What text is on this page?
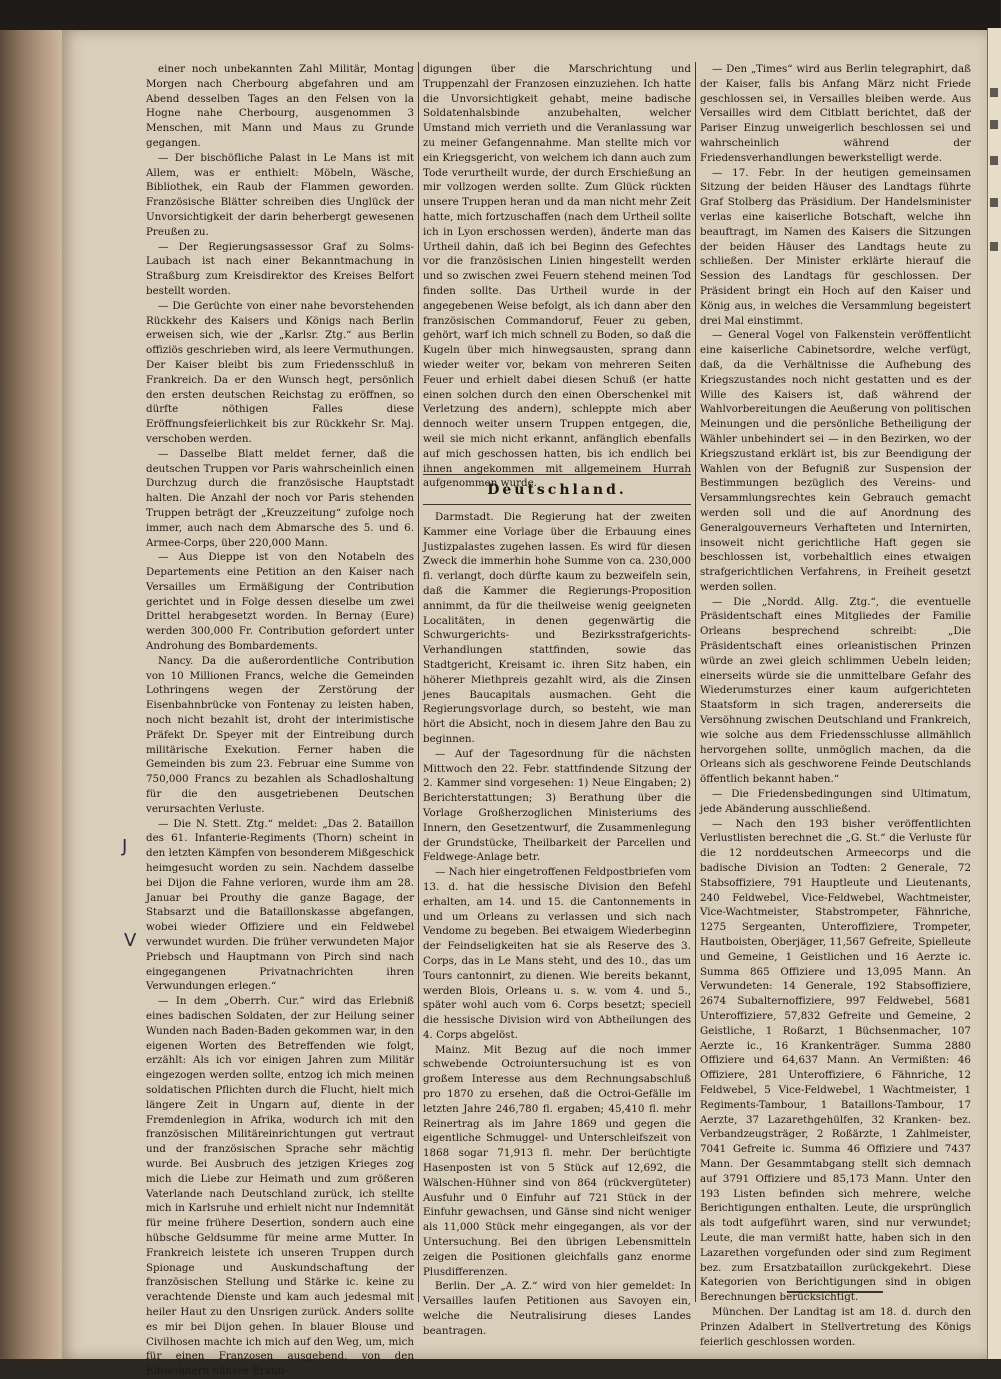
J
V

einer noch unbekannten Zahl Militär, Montag Morgen nach Cherbourg abgefahren und am Abend desselben Tages an den Felsen von la Hogne nahe Cherbourg, ausgenommen 3 Menschen, mit Mann und Maus zu Grunde gegangen.

— Der bischöfliche Palast in Le Mans ist mit Allem, was er enthielt: Möbeln, Wäsche, Bibliothek, ein Raub der Flammen geworden. Französische Blätter schreiben dies Unglück der Unvorsichtigkeit der darin beherbergt gewesenen Preußen zu.

— Der Regierungsassessor Graf zu Solms-Laubach ist nach einer Bekanntmachung in Straßburg zum Kreisdirektor des Kreises Belfort bestellt worden.

— Die Gerüchte von einer nahe bevorstehenden Rückkehr des Kaisers und Königs nach Berlin erweisen sich, wie der „Karlsr. Ztg.“ aus Berlin offiziös geschrieben wird, als leere Vermuthungen. Der Kaiser bleibt bis zum Friedensschluß in Frankreich. Da er den Wunsch hegt, persönlich den ersten deutschen Reichstag zu eröffnen, so dürfte nöthigen Falles diese Eröffnungsfeierlichkeit bis zur Rückkehr Sr. Maj. verschoben werden.

— Dasselbe Blatt meldet ferner, daß die deutschen Truppen vor Paris wahrscheinlich einen Durchzug durch die französische Hauptstadt halten. Die Anzahl der noch vor Paris stehenden Truppen beträgt der „Kreuzzeitung“ zufolge noch immer, auch nach dem Abmarsche des 5. und 6. Armee-Corps, über 220,000 Mann.

— Aus Dieppe ist von den Notabeln des Departements eine Petition an den Kaiser nach Versailles um Ermäßigung der Contribution gerichtet und in Folge dessen dieselbe um zwei Drittel herabgesetzt worden. In Bernay (Eure) werden 300,000 Fr. Contribution gefordert unter Androhung des Bombardements.

Nancy. Da die außerordentliche Contribution von 10 Millionen Francs, welche die Gemeinden Lothringens wegen der Zerstörung der Eisenbahnbrücke von Fontenay zu leisten haben, noch nicht bezahlt ist, droht der interimistische Präfekt Dr. Speyer mit der Eintreibung durch militärische Exekution. Ferner haben die Gemeinden bis zum 23. Februar eine Summe von 750,000 Francs zu bezahlen als Schadloshaltung für die den ausgetriebenen Deutschen verursachten Verluste.

— Die N. Stett. Ztg.“ meldet: „Das 2. Bataillon des 61. Infanterie-Regiments (Thorn) scheint in den letzten Kämpfen von besonderem Mißgeschick heimgesucht worden zu sein. Nachdem dasselbe bei Dijon die Fahne verloren, wurde ihm am 28. Januar bei Prouthy die ganze Bagage, der Stabsarzt und die Bataillonskasse abgefangen, wobei wieder Offiziere und ein Feldwebel verwundet wurden. Die früher verwundeten Major Priebsch und Hauptmann von Pirch sind nach eingegangenen Privatnachrichten ihren Verwundungen erlegen.“

— In dem „Oberrh. Cur.“ wird das Erlebniß eines badischen Soldaten, der zur Heilung seiner Wunden nach Baden-Baden gekommen war, in den eigenen Worten des Betreffenden wie folgt, erzählt: Als ich vor einigen Jahren zum Militär eingezogen werden sollte, entzog ich mich meinen soldatischen Pflichten durch die Flucht, hielt mich längere Zeit in Ungarn auf, diente in der Fremdenlegion in Afrika, wodurch ich mit den französischen Militäreinrichtungen gut vertraut und der französischen Sprache sehr mächtig wurde. Bei Ausbruch des jetzigen Krieges zog mich die Liebe zur Heimath und zum größeren Vaterlande nach Deutschland zurück, ich stellte mich in Karlsruhe und erhielt nicht nur Indemnität für meine frühere Desertion, sondern auch eine hübsche Geldsumme für meine arme Mutter. In Frankreich leistete ich unseren Truppen durch Spionage und Auskundschaftung der französischen Stellung und Stärke ic. keine zu verachtende Dienste und kam auch jedesmal mit heiler Haut zu den Unsrigen zurück. Anders sollte es mir bei Dijon gehen. In blauer Blouse und Civilhosen machte ich mich auf den Weg, um, mich für einen Franzosen ausgebend, von den Einwohnern nähere Erkun-

digungen über die Marschrichtung und Truppenzahl der Franzosen einzuziehen. Ich hatte die Unvorsichtigkeit gehabt, meine badische Soldatenhalsbinde anzubehalten, welcher Umstand mich verrieth und die Veranlassung war zu meiner Gefangennahme. Man stellte mich vor ein Kriegsgericht, von welchem ich dann auch zum Tode verurtheilt wurde, der durch Erschießung an mir vollzogen werden sollte. Zum Glück rückten unsere Truppen heran und da man nicht mehr Zeit hatte, mich fortzuschaffen (nach dem Urtheil sollte ich in Lyon erschossen werden), änderte man das Urtheil dahin, daß ich bei Beginn des Gefechtes vor die französischen Linien hingestellt werden und so zwischen zwei Feuern stehend meinen Tod finden sollte. Das Urtheil wurde in der angegebenen Weise befolgt, als ich dann aber den französischen Commandoruf, Feuer zu geben, gehört, warf ich mich schnell zu Boden, so daß die Kugeln über mich hinwegsausten, sprang dann wieder weiter vor, bekam von mehreren Seiten Feuer und erhielt dabei diesen Schuß (er hatte einen solchen durch den einen Oberschenkel mit Verletzung des andern), schleppte mich aber dennoch weiter unsern Truppen entgegen, die, weil sie mich nicht erkannt, anfänglich ebenfalls auf mich geschossen hatten, bis ich endlich bei ihnen angekommen mit allgemeinem Hurrah aufgenommen wurde.

Darmstadt. Die Regierung hat der zweiten Kammer eine Vorlage über die Erbauung eines Justizpalastes zugehen lassen. Es wird für diesen Zweck die immerhin hohe Summe von ca. 230,000 fl. verlangt, doch dürfte kaum zu bezweifeln sein, daß die Kammer die Regierungs-Proposition annimmt, da für die theilweise wenig geeigneten Localitäten, in denen gegenwärtig die Schwurgerichts- und Bezirksstrafgerichts-Verhandlungen stattfinden, sowie das Stadtgericht, Kreisamt ic. ihren Sitz haben, ein höherer Miethpreis gezahlt wird, als die Zinsen jenes Baucapitals ausmachen. Geht die Regierungsvorlage durch, so besteht, wie man hört die Absicht, noch in diesem Jahre den Bau zu beginnen.

— Auf der Tagesordnung für die nächsten Mittwoch den 22. Febr. stattfindende Sitzung der 2. Kammer sind vorgesehen: 1) Neue Eingaben; 2) Berichterstattungen; 3) Berathung über die Vorlage Großherzoglichen Ministeriums des Innern, den Gesetzentwurf, die Zusammenlegung der Grundstücke, Theilbarkeit der Parcellen und Feldwege-Anlage betr.

— Nach hier eingetroffenen Feldpostbriefen vom 13. d. hat die hessische Division den Befehl erhalten, am 14. und 15. die Cantonnements in und um Orleans zu verlassen und sich nach Vendome zu begeben. Bei etwaigem Wiederbeginn der Feindseligkeiten hat sie als Reserve des 3. Corps, das in Le Mans steht, und des 10., das um Tours cantonnirt, zu dienen. Wie bereits bekannt, werden Blois, Orleans u. s. w. vom 4. und 5., später wohl auch vom 6. Corps besetzt; speciell die hessische Division wird von Abtheilungen des 4. Corps abgelöst.

Mainz. Mit Bezug auf die noch immer schwebende Octroiuntersuchung ist es von großem Interesse aus dem Rechnungsabschluß pro 1870 zu ersehen, daß die Octroi-Gefälle im letzten Jahre 246,780 fl. ergaben; 45,410 fl. mehr Reinertrag als im Jahre 1869 und gegen die eigentliche Schmuggel- und Unterschleifszeit von 1868 sogar 71,913 fl. mehr. Der berüchtigte Hasenposten ist von 5 Stück auf 12,692, die Wälschen-Hühner sind von 864 (rückvergüteter) Ausfuhr und 0 Einfuhr auf 721 Stück in der Einfuhr gewachsen, und Gänse sind nicht weniger als 11,000 Stück mehr eingegangen, als vor der Untersuchung. Bei den übrigen Lebensmitteln zeigen die Positionen gleichfalls ganz enorme Plusdifferenzen.

Berlin. Der „A. Z.“ wird von hier gemeldet: In Versailles laufen Petitionen aus Savoyen ein, welche die Neutralisirung dieses Landes beantragen.

Deutschland.

— Den „Times“ wird aus Berlin telegraphirt, daß der Kaiser, falls bis Anfang März nicht Friede geschlossen sei, in Versailles bleiben werde. Aus Versailles wird dem Citblatt berichtet, daß der Pariser Einzug unweigerlich beschlossen sei und wahrscheinlich während der Friedensverhandlungen bewerkstelligt werde.

— 17. Febr. In der heutigen gemeinsamen Sitzung der beiden Häuser des Landtags führte Graf Stolberg das Präsidium. Der Handelsminister verlas eine kaiserliche Botschaft, welche ihn beauftragt, im Namen des Kaisers die Sitzungen der beiden Häuser des Landtags heute zu schließen. Der Minister erklärte hierauf die Session des Landtags für geschlossen. Der Präsident bringt ein Hoch auf den Kaiser und König aus, in welches die Versammlung begeistert drei Mal einstimmt.

— General Vogel von Falkenstein veröffentlicht eine kaiserliche Cabinetsordre, welche verfügt, daß, da die Verhältnisse die Aufhebung des Kriegszustandes noch nicht gestatten und es der Wille des Kaisers ist, daß während der Wahlvorbereitungen die Aeußerung von politischen Meinungen und die persönliche Betheiligung der Wähler unbehindert sei — in den Bezirken, wo der Kriegszustand erklärt ist, bis zur Beendigung der Wahlen von der Befugniß zur Suspension der Bestimmungen bezüglich des Vereins- und Versammlungsrechtes kein Gebrauch gemacht werden soll und die auf Anordnung des Generalgouverneurs Verhafteten und Internirten, insoweit nicht gerichtliche Haft gegen sie beschlossen ist, vorbehaltlich eines etwaigen strafgerichtlichen Verfahrens, in Freiheit gesetzt werden sollen.

— Die „Nordd. Allg. Ztg.“, die eventuelle Präsidentschaft eines Mitgliedes der Familie Orleans besprechend schreibt: „Die Präsidentschaft eines orleanistischen Prinzen würde an zwei gleich schlimmen Uebeln leiden; einerseits würde sie die unmittelbare Gefahr des Wiederumsturzes einer kaum aufgerichteten Staatsform in sich tragen, andererseits die Versöhnung zwischen Deutschland und Frankreich, wie solche aus dem Friedensschlusse allmählich hervorgehen sollte, unmöglich machen, da die Orleans sich als geschworene Feinde Deutschlands öffentlich bekannt haben.“

— Die Friedensbedingungen sind Ultimatum, jede Abänderung ausschließend.

— Nach den 193 bisher veröffentlichten Verlustlisten berechnet die „G. St.“ die Verluste für die 12 norddeutschen Armeecorps und die badische Division an Todten: 2 Generale, 72 Stabsoffiziere, 791 Hauptleute und Lieutenants, 240 Feldwebel, Vice-Feldwebel, Wachtmeister, Vice-Wachtmeister, Stabstrompeter, Fähnriche, 1275 Sergeanten, Unteroffiziere, Trompeter, Hautboisten, Oberjäger, 11,567 Gefreite, Spielleute und Gemeine, 1 Geistlichen und 16 Aerzte ic. Summa 865 Offiziere und 13,095 Mann. An Verwundeten: 14 Generale, 192 Stabsoffiziere, 2674 Subalternoffiziere, 997 Feldwebel, 5681 Unteroffiziere, 57,832 Gefreite und Gemeine, 2 Geistliche, 1 Roßarzt, 1 Büchsenmacher, 107 Aerzte ic., 16 Krankenträger. Summa 2880 Offiziere und 64,637 Mann. An Vermißten: 46 Offiziere, 281 Unteroffiziere, 6 Fähnriche, 12 Feldwebel, 5 Vice-Feldwebel, 1 Wachtmeister, 1 Regiments-Tambour, 1 Bataillons-Tambour, 17 Aerzte, 37 Lazarethgehülfen, 32 Kranken- bez. Verbandzeugsträger, 2 Roßärzte, 1 Zahlmeister, 7041 Gefreite ic. Summa 46 Offiziere und 7437 Mann. Der Gesammtabgang stellt sich demnach auf 3791 Offiziere und 85,173 Mann. Unter den 193 Listen befinden sich mehrere, welche Berichtigungen enthalten. Leute, die ursprünglich als todt aufgeführt waren, sind nur verwundet; Leute, die man vermißt hatte, haben sich in den Lazarethen vorgefunden oder sind zum Regiment bez. zum Ersatzbataillon zurückgekehrt. Diese Kategorien von Berichtigungen sind in obigen Berechnungen berücksichtigt.

München. Der Landtag ist am 18. d. durch den Prinzen Adalbert in Stellvertretung des Königs feierlich geschlossen worden.
